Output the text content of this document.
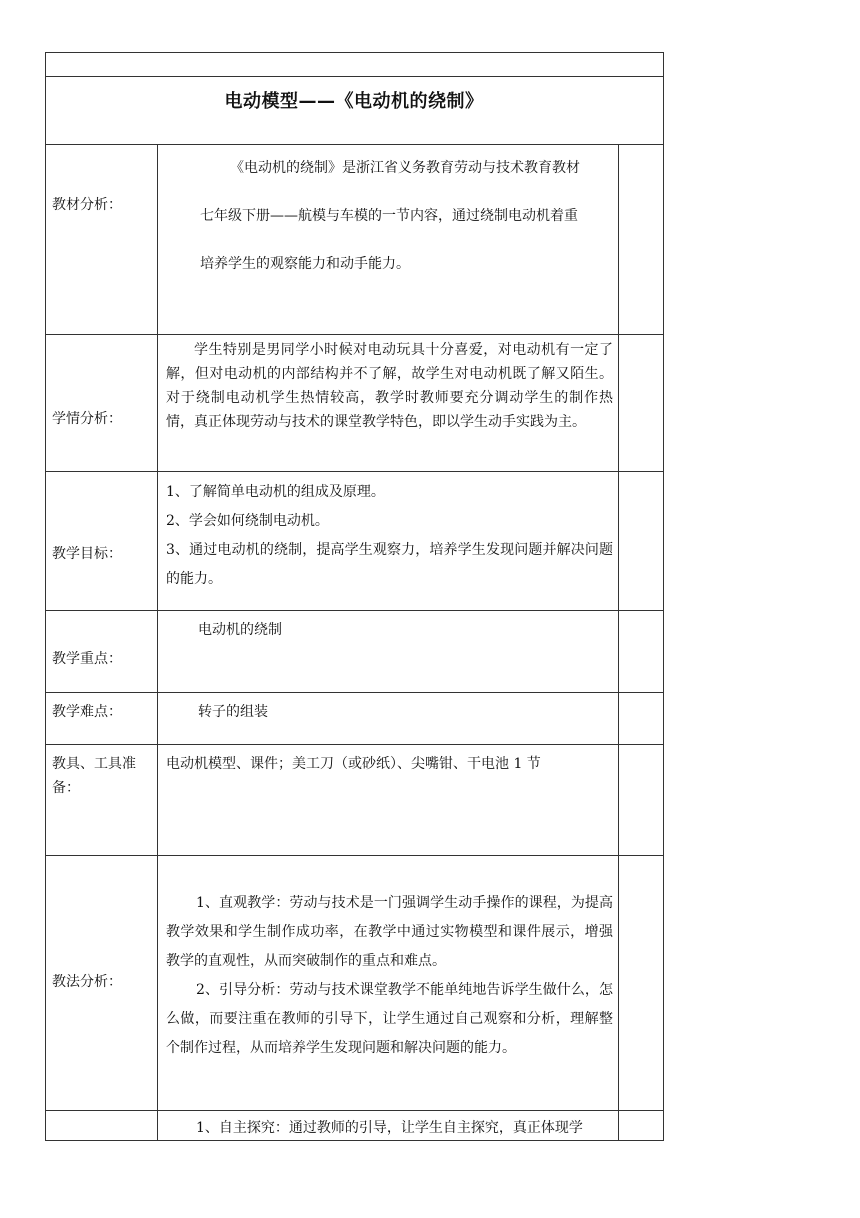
电动模型——《电动机的绕制》
教材分析：

《电动机的绕制》是浙江省义务教育劳动与技术教育教材

七年级下册——航模与车模的一节内容，通过绕制电动机着重

培养学生的观察能力和动手能力。

学情分析：
学生特别是男同学小时候对电动玩具十分喜爱，对电动机有一定了解，但对电动机的内部结构并不了解，故学生对电动机既了解又陌生。对于绕制电动机学生热情较高，教学时教师要充分调动学生的制作热情，真正体现劳动与技术的课堂教学特色，即以学生动手实践为主。
教学目标：

1、了解简单电动机的组成及原理。

2、学会如何绕制电动机。

3、通过电动机的绕制，提高学生观察力，培养学生发现问题并解决问题的能力。

教学重点：
电动机的绕制
教学难点：	转子的组装
教具、工具准备：
电动机模型、课件；美工刀（或砂纸）、尖嘴钳、干电池 1 节
教法分析：

1、直观教学：劳动与技术是一门强调学生动手操作的课程，为提高教学效果和学生制作成功率，在教学中通过实物模型和课件展示，增强教学的直观性，从而突破制作的重点和难点。

2、引导分析：劳动与技术课堂教学不能单纯地告诉学生做什么，怎么做，而要注重在教师的引导下，让学生通过自己观察和分析，理解整个制作过程，从而培养学生发现问题和解决问题的能力。

1、自主探究：通过教师的引导，让学生自主探究，真正体现学
